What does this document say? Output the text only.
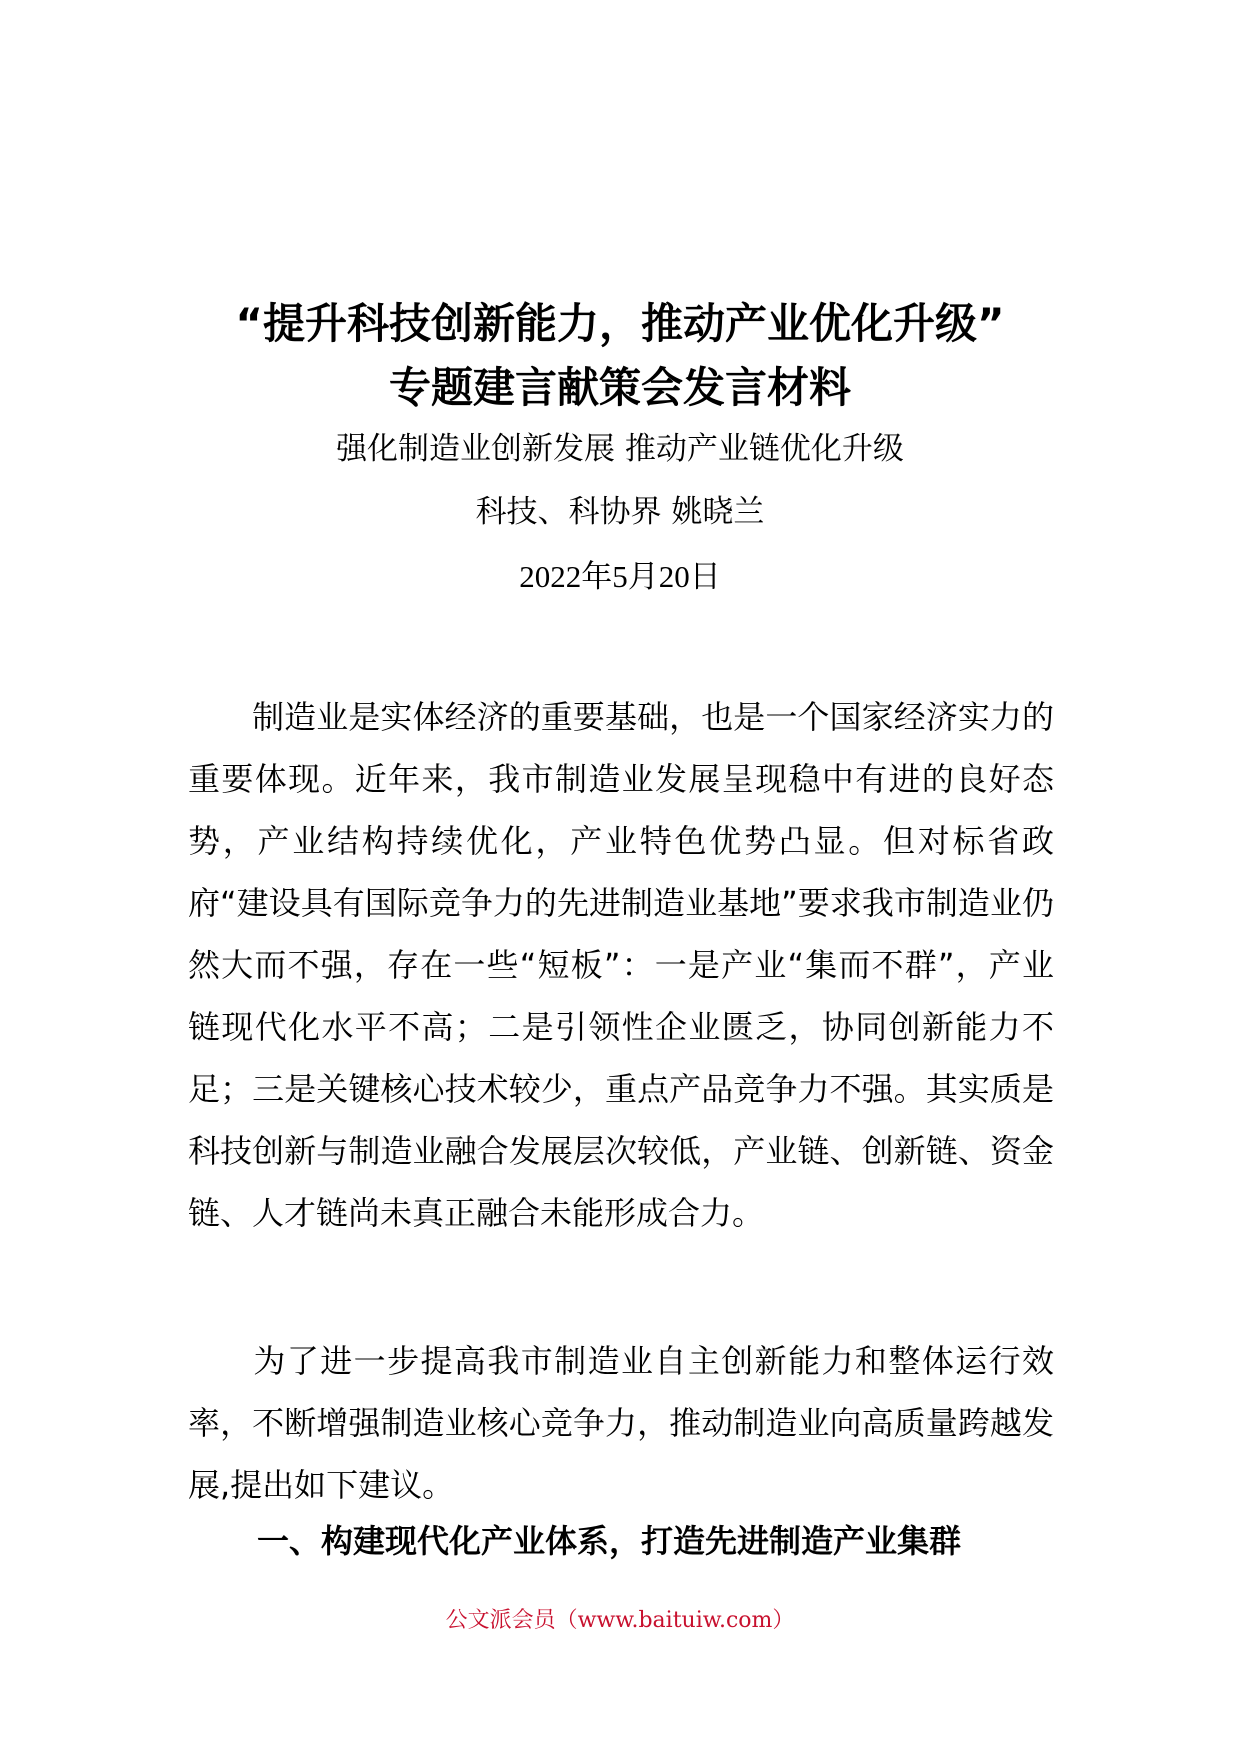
“提升科技创新能力，推动产业优化升级”
专题建言献策会发言材料
强化制造业创新发展 推动产业链优化升级
科技、科协界 姚晓兰
2022年5月20日

制造业是实体经济的重要基础，也是一个国家经济实力的重要体现。近年来，我市制造业发展呈现稳中有进的良好态势，产业结构持续优化，产业特色优势凸显。但对标省政府“建设具有国际竞争力的先进制造业基地”要求我市制造业仍然大而不强，存在一些“短板”：一是产业“集而不群”，产业链现代化水平不高；二是引领性企业匮乏，协同创新能力不足；三是关键核心技术较少，重点产品竞争力不强。其实质是科技创新与制造业融合发展层次较低，产业链、创新链、资金链、人才链尚未真正融合未能形成合力。

为了进一步提高我市制造业自主创新能力和整体运行效率，不断增强制造业核心竞争力，推动制造业向高质量跨越发展,提出如下建议。

一、构建现代化产业体系，打造先进制造产业集群
公文派会员（www.baituiw.com）
